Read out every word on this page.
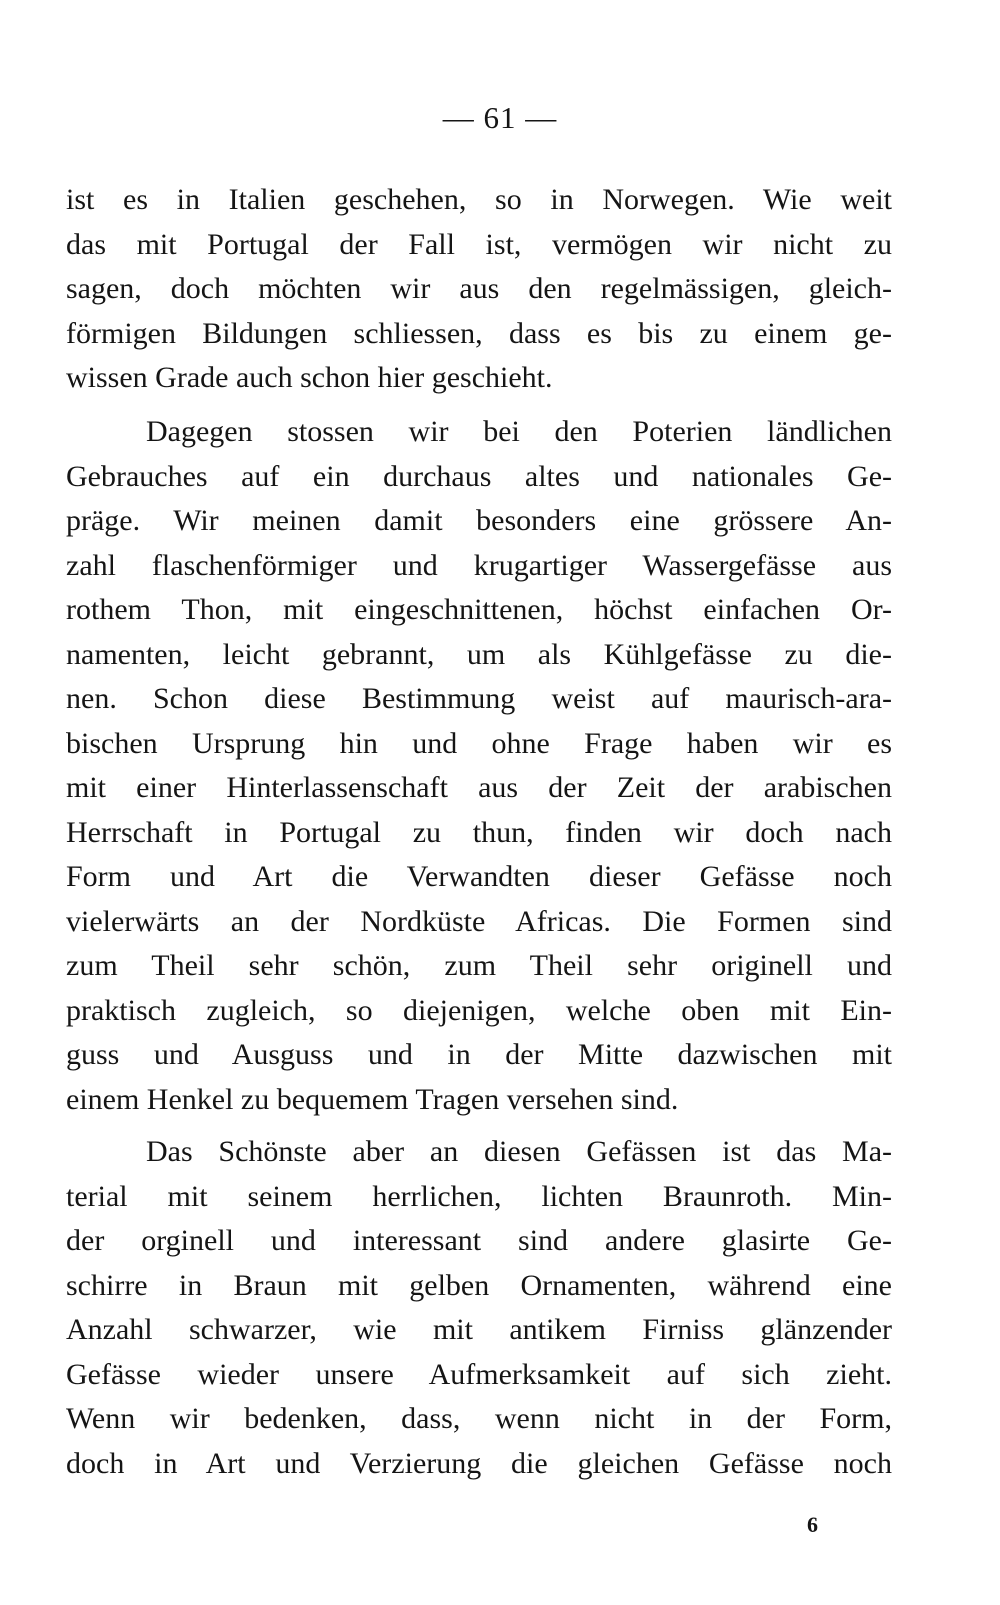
— 61 —
ist es in Italien geschehen, so in Norwegen. Wie weit
das mit Portugal der Fall ist, vermögen wir nicht zu
sagen, doch möchten wir aus den regelmässigen, gleich-
förmigen Bildungen schliessen, dass es bis zu einem ge-
wissen Grade auch schon hier geschieht.
Dagegen stossen wir bei den Poterien ländlichen
Gebrauches auf ein durchaus altes und nationales Ge-
präge. Wir meinen damit besonders eine grössere An-
zahl flaschenförmiger und krugartiger Wassergefässe aus
rothem Thon, mit eingeschnittenen, höchst einfachen Or-
namenten, leicht gebrannt, um als Kühlgefässe zu die-
nen. Schon diese Bestimmung weist auf maurisch-ara-
bischen Ursprung hin und ohne Frage haben wir es
mit einer Hinterlassenschaft aus der Zeit der arabischen
Herrschaft in Portugal zu thun, finden wir doch nach
Form und Art die Verwandten dieser Gefässe noch
vielerwärts an der Nordküste Africas. Die Formen sind
zum Theil sehr schön, zum Theil sehr originell und
praktisch zugleich, so diejenigen, welche oben mit Ein-
guss und Ausguss und in der Mitte dazwischen mit
einem Henkel zu bequemem Tragen versehen sind.
Das Schönste aber an diesen Gefässen ist das Ma-
terial mit seinem herrlichen, lichten Braunroth. Min-
der orginell und interessant sind andere glasirte Ge-
schirre in Braun mit gelben Ornamenten, während eine
Anzahl schwarzer, wie mit antikem Firniss glänzender
Gefässe wieder unsere Aufmerksamkeit auf sich zieht.
Wenn wir bedenken, dass, wenn nicht in der Form,
doch in Art und Verzierung die gleichen Gefässe noch
6
